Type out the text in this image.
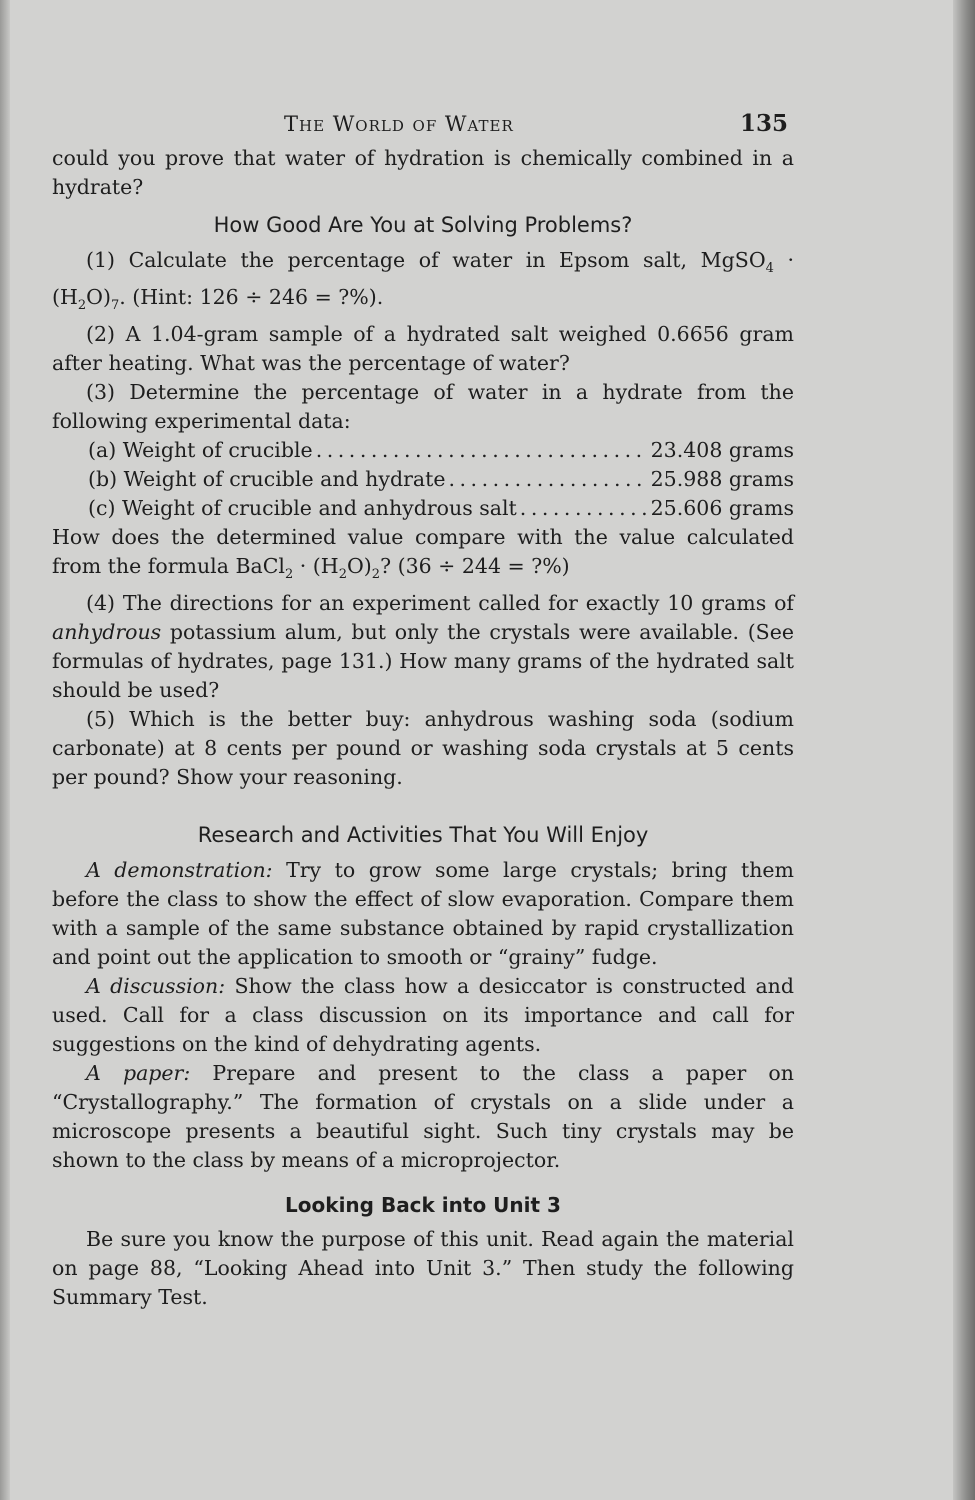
The World of Water	135

could you prove that water of hydration is chemically combined in a hydrate?

How Good Are You at Solving Problems?

(1) Calculate the percentage of water in Epsom salt, MgSO$_4$ · $(H_2O)_7$. (Hint: 126 ÷ 246 = ?%).

(2) A 1.04-gram sample of a hydrated salt weighed 0.6656 gram after heating. What was the percentage of water?

(3) Determine the percentage of water in a hydrate from the following experimental data:

(a) Weight of crucible . . .	23.408 grams
(b) Weight of crucible and hydrate . . .	25.988 grams
(c) Weight of crucible and anhydrous salt . . .	25.606 grams

How does the determined value compare with the value calculated from the formula BaCl$_2$ · $(H_2O)_2$? (36 ÷ 244 = ?%)

(4) The directions for an experiment called for exactly 10 grams of anhydrous potassium alum, but only the crystals were available. (See formulas of hydrates, page 131.) How many grams of the hydrated salt should be used?

(5) Which is the better buy: anhydrous washing soda (sodium carbonate) at 8 cents per pound or washing soda crystals at 5 cents per pound? Show your reasoning.

Research and Activities That You Will Enjoy

A demonstration: Try to grow some large crystals; bring them before the class to show the effect of slow evaporation. Compare them with a sample of the same substance obtained by rapid crystallization and point out the application to smooth or “grainy” fudge.

A discussion: Show the class how a desiccator is constructed and used. Call for a class discussion on its importance and call for suggestions on the kind of dehydrating agents.

A paper: Prepare and present to the class a paper on “Crystallography.” The formation of crystals on a slide under a microscope presents a beautiful sight. Such tiny crystals may be shown to the class by means of a microprojector.

Looking Back into Unit 3

Be sure you know the purpose of this unit. Read again the material on page 88, “Looking Ahead into Unit 3.” Then study the following Summary Test.
